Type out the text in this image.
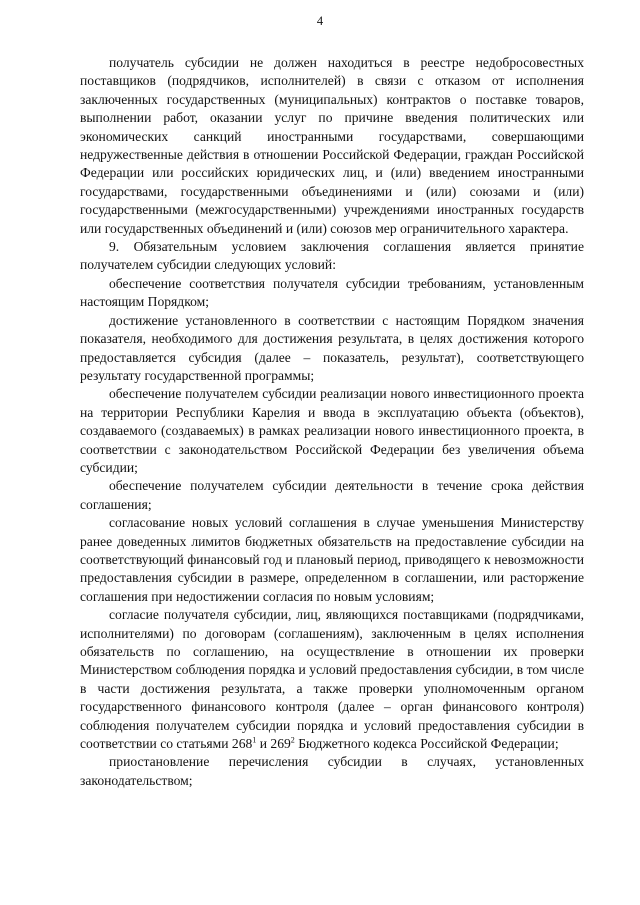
4

получатель субсидии не должен находиться в реестре недобросовестных поставщиков (подрядчиков, исполнителей) в связи с отказом от исполнения заключенных государственных (муниципальных) контрактов о поставке товаров, выполнении работ, оказании услуг по причине введения политических или экономических санкций иностранными государствами, совершающими недружественные действия в отношении Российской Федерации, граждан Российской Федерации или российских юридических лиц, и (или) введением иностранными государствами, государственными объединениями и (или) союзами и (или) государственными (межгосударственными) учреждениями иностранных государств или государственных объединений и (или) союзов мер ограничительного характера.

9. Обязательным условием заключения соглашения является принятие получателем субсидии следующих условий:

обеспечение соответствия получателя субсидии требованиям, установленным настоящим Порядком;

достижение установленного в соответствии с настоящим Порядком значения показателя, необходимого для достижения результата, в целях достижения которого предоставляется субсидия (далее – показатель, результат), соответствующего результату государственной программы;

обеспечение получателем субсидии реализации нового инвестиционного проекта на территории Республики Карелия и ввода в эксплуатацию объекта (объектов), создаваемого (создаваемых) в рамках реализации нового инвестиционного проекта, в соответствии с законодательством Российской Федерации без увеличения объема субсидии;

обеспечение получателем субсидии деятельности в течение срока действия соглашения;

согласование новых условий соглашения в случае уменьшения Министерству ранее доведенных лимитов бюджетных обязательств на предоставление субсидии на соответствующий финансовый год и плановый период, приводящего к невозможности предоставления субсидии в размере, определенном в соглашении, или расторжение соглашения при недостижении согласия по новым условиям;

согласие получателя субсидии, лиц, являющихся поставщиками (подрядчиками, исполнителями) по договорам (соглашениям), заключенным в целях исполнения обязательств по соглашению, на осуществление в отношении их проверки Министерством соблюдения порядка и условий предоставления субсидии, в том числе в части достижения результата, а также проверки уполномоченным органом государственного финансового контроля (далее – орган финансового контроля) соблюдения получателем субсидии порядка и условий предоставления субсидии в соответствии со статьями $268^1$ и $269^2$ Бюджетного кодекса Российской Федерации;

приостановление перечисления субсидии в случаях, установленных законодательством;
